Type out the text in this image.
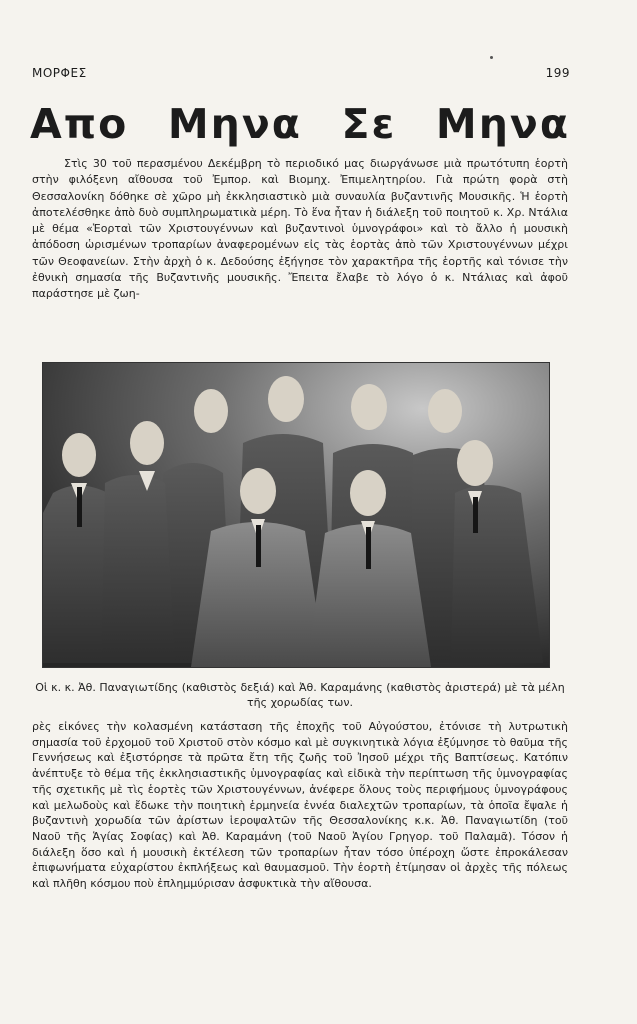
ΜΟΡΦΕΣ	199
Απο Μηνα Σε Μηνα

Στὶς 30 τοῦ περασμένου Δεκέμβρη τὸ περιοδικό μας διωργάνωσε μιὰ πρωτότυπη ἑορτὴ στὴν φιλόξενη αἴθουσα τοῦ Ἐμπορ. καὶ Βιομηχ. Ἐπιμελητηρίου. Γιὰ πρώτη φορὰ στὴ Θεσσαλονίκη δόθηκε σὲ χῶρο μὴ ἐκκλησιαστικὸ μιὰ συναυλία βυζαντινῆς Μουσικῆς. Ἡ ἑορτὴ ἀποτελέσθηκε ἀπὸ δυὸ συμπληρωματικὰ μέρη. Τὸ ἕνα ἦταν ἡ διάλεξη τοῦ ποιητοῦ κ. Χρ. Ντάλια μὲ θέμα «Ἑορταὶ τῶν Χριστουγέννων καὶ βυζαντινοὶ ὑμνογράφοι» καὶ τὸ ἄλλο ἡ μουσικὴ ἀπόδοση ὡρισμένων τροπαρίων ἀναφερομένων εἰς τὰς ἑορτὰς ἀπὸ τῶν Χριστουγέννων μέχρι τῶν Θεοφανείων. Στὴν ἀρχὴ ὁ κ. Δεδούσης ἐξήγησε τὸν χαρακτῆρα τῆς ἑορτῆς καὶ τόνισε τὴν ἐθνικὴ σημασία τῆς Βυζαντινῆς μουσικῆς. Ἔπειτα ἔλαβε τὸ λόγο ὁ κ. Ντάλιας καὶ ἀφοῦ παράστησε μὲ ζωη-

Οἱ κ. κ. Ἀθ. Παναγιωτίδης (καθιστὸς δεξιά) καὶ Ἀθ. Καραμάνης (καθιστὸς ἀριστερά) μὲ τὰ μέλη τῆς χορωδίας των.

ρὲς εἰκόνες τὴν κολασμένη κατάσταση τῆς ἐποχῆς τοῦ Αὐγούστου, ἐτόνισε τὴ λυτρωτικὴ σημασία τοῦ ἐρχομοῦ τοῦ Χριστοῦ στὸν κόσμο καὶ μὲ συγκινητικὰ λόγια ἐξύμνησε τὸ θαῦμα τῆς Γεννήσεως καὶ ἐξιστόρησε τὰ πρῶτα ἔτη τῆς ζωῆς τοῦ Ἰησοῦ μέχρι τῆς Βαπτίσεως. Κατόπιν ἀνέπτυξε τὸ θέμα τῆς ἐκκλησιαστικῆς ὑμνογραφίας καὶ εἰδικὰ τὴν περίπτωση τῆς ὑμνογραφίας τῆς σχετικῆς μὲ τὶς ἑορτὲς τῶν Χριστουγέννων, ἀνέφερε ὅλους τοὺς περιφήμους ὑμνογράφους καὶ μελωδοὺς καὶ ἔδωκε τὴν ποιητικὴ ἑρμηνεία ἐννέα διαλεχτῶν τροπαρίων, τὰ ὁποῖα ἔψαλε ἡ βυζαντινὴ χορωδία τῶν ἀρίστων ἱεροψαλτῶν τῆς Θεσσαλονίκης κ.κ. Ἀθ. Παναγιωτίδη (τοῦ Ναοῦ τῆς Ἁγίας Σοφίας) καὶ Ἀθ. Καραμάνη (τοῦ Ναοῦ Ἁγίου Γρηγορ. τοῦ Παλαμᾶ). Τόσον ἡ διάλεξη ὅσο καὶ ἡ μουσικὴ ἐκτέλεση τῶν τροπαρίων ἦταν τόσο ὑπέροχη ὥστε ἐπροκάλεσαν ἐπιφωνήματα εὐχαρίστου ἐκπλήξεως καὶ θαυμασμοῦ. Τὴν ἑορτὴ ἐτίμησαν οἱ ἀρχὲς τῆς πόλεως καὶ πλῆθη κόσμου ποὺ ἐπλημμύρισαν ἀσφυκτικὰ τὴν αἴθουσα.
